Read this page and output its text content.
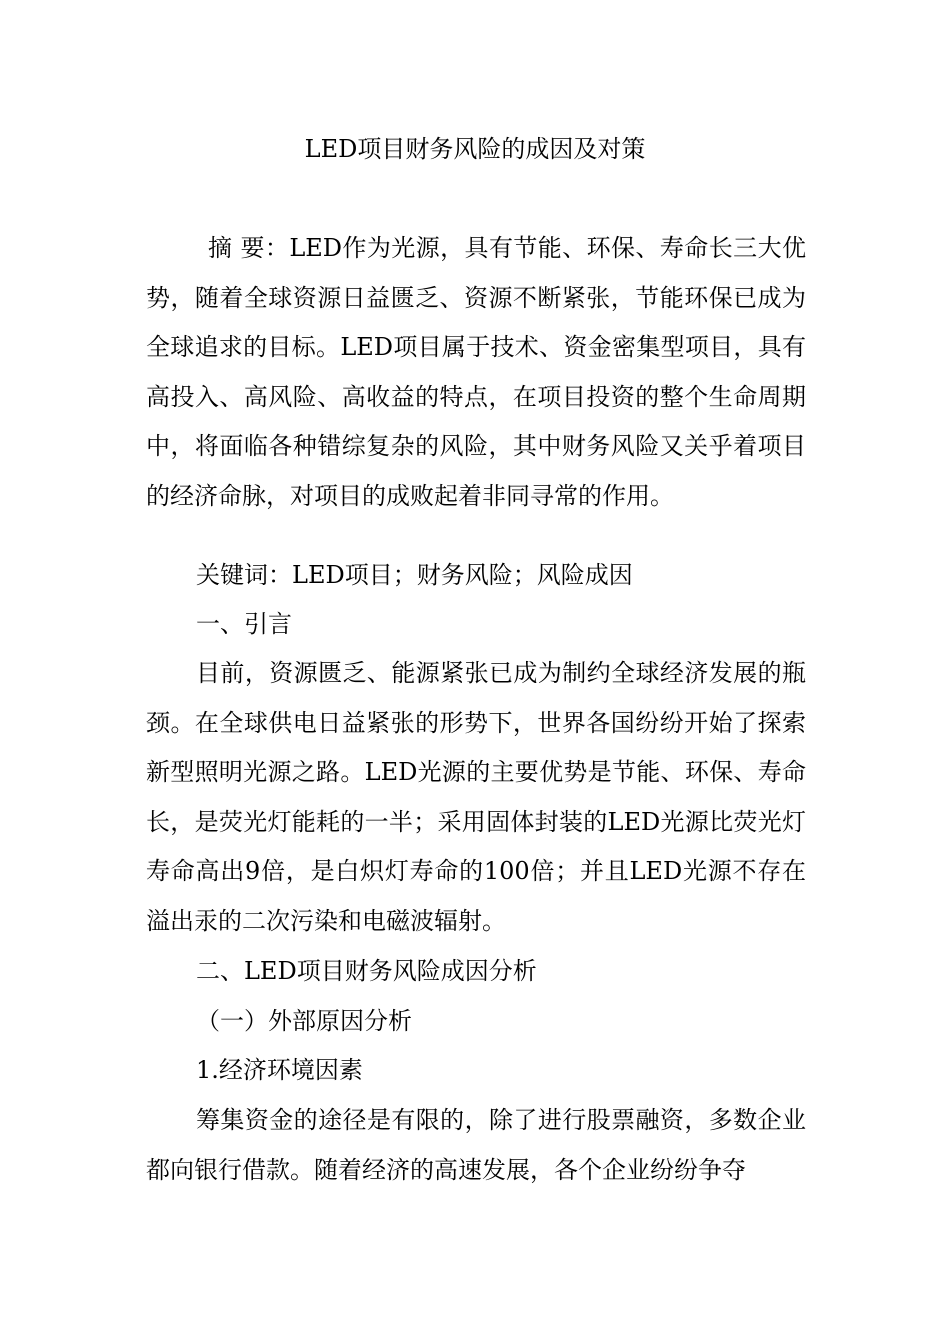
LED项目财务风险的成因及对策

摘 要：LED作为光源，具有节能、环保、寿命长三大优势，随着全球资源日益匮乏、资源不断紧张，节能环保已成为全球追求的目标。LED项目属于技术、资金密集型项目，具有高投入、高风险、高收益的特点，在项目投资的整个生命周期中，将面临各种错综复杂的风险，其中财务风险又关乎着项目的经济命脉，对项目的成败起着非同寻常的作用。

关键词：LED项目；财务风险；风险成因

一、引言

目前，资源匮乏、能源紧张已成为制约全球经济发展的瓶颈。在全球供电日益紧张的形势下，世界各国纷纷开始了探索新型照明光源之路。LED光源的主要优势是节能、环保、寿命长，是荧光灯能耗的一半；采用固体封装的LED光源比荧光灯寿命高出9倍，是白炽灯寿命的100倍；并且LED光源不存在溢出汞的二次污染和电磁波辐射。

二、LED项目财务风险成因分析

（一）外部原因分析

1.经济环境因素

筹集资金的途径是有限的，除了进行股票融资，多数企业都向银行借款。随着经济的高速发展，各个企业纷纷争夺
